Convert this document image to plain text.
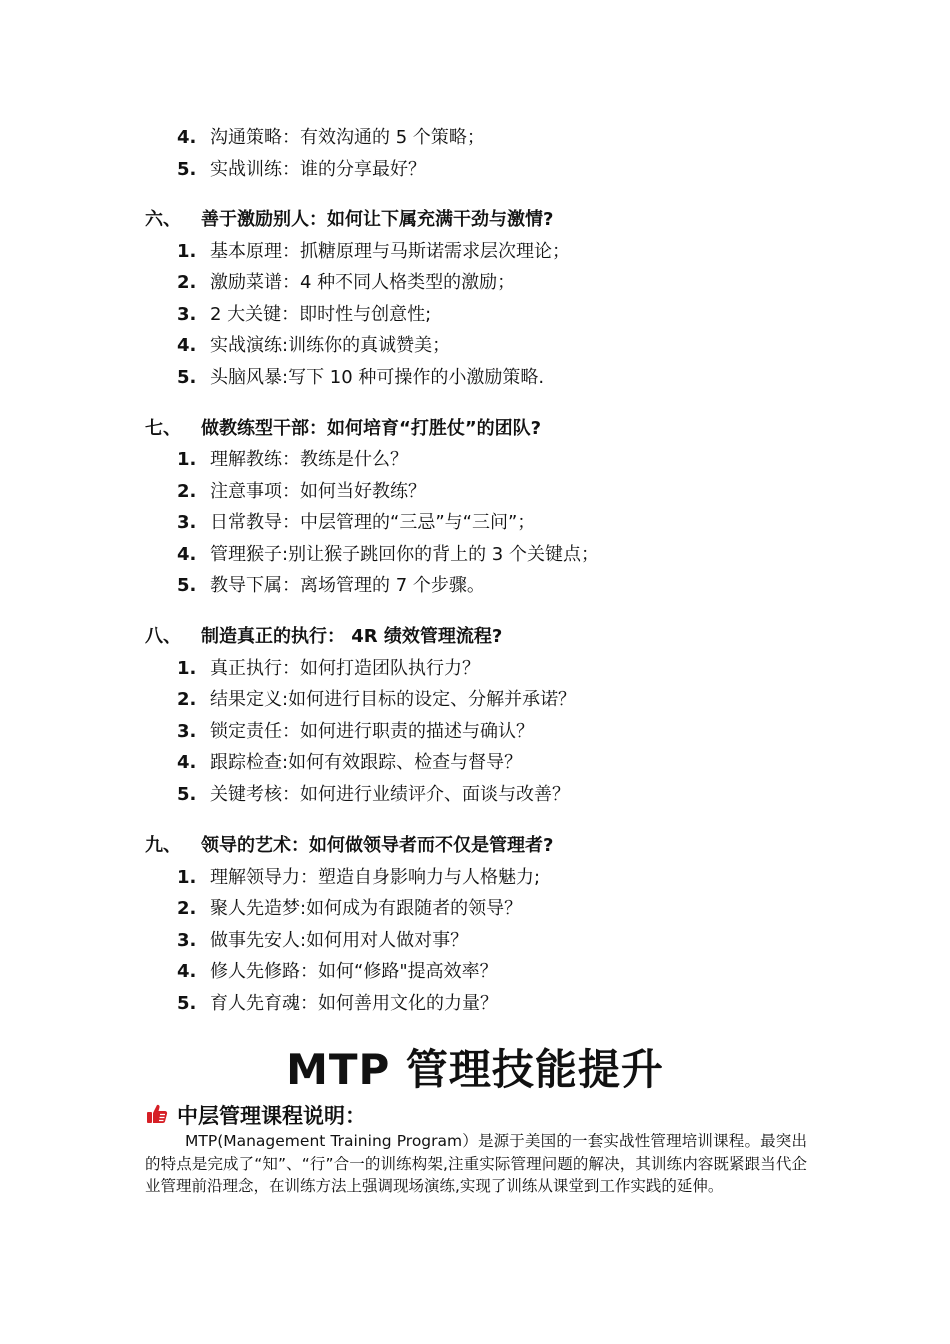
4. 沟通策略：有效沟通的 5 个策略；
5. 实战训练：谁的分享最好？
六、 善于激励别人：如何让下属充满干劲与激情?
1. 基本原理：抓糖原理与马斯诺需求层次理论；
2. 激励菜谱：4 种不同人格类型的激励；
3. 2 大关键：即时性与创意性;
4. 实战演练:训练你的真诚赞美；
5. 头脑风暴:写下 10 种可操作的小激励策略.
七、 做教练型干部：如何培育“打胜仗”的团队?
1. 理解教练：教练是什么？
2. 注意事项：如何当好教练？
3. 日常教导：中层管理的“三忌”与“三问”；
4. 管理猴子:别让猴子跳回你的背上的 3 个关键点；
5. 教导下属：离场管理的 7 个步骤。
八、 制造真正的执行： 4R 绩效管理流程?
1. 真正执行：如何打造团队执行力？
2. 结果定义:如何进行目标的设定、分解并承诺？
3. 锁定责任：如何进行职责的描述与确认？
4. 跟踪检查:如何有效跟踪、检查与督导？
5. 关键考核：如何进行业绩评介、面谈与改善？
九、 领导的艺术：如何做领导者而不仅是管理者?
1. 理解领导力：塑造自身影响力与人格魅力;
2. 聚人先造梦:如何成为有跟随者的领导？
3. 做事先安人:如何用对人做对事？
4. 修人先修路：如何“修路"提高效率？
5. 育人先育魂：如何善用文化的力量？
MTP 管理技能提升
中层管理课程说明：
MTP(Management Training Program）是源于美国的一套实战性管理培训课程。最突出的特点是完成了“知”、“行”合一的训练构架,注重实际管理问题的解决，其训练内容既紧跟当代企业管理前沿理念，在训练方法上强调现场演练,实现了训练从课堂到工作实践的延伸。
